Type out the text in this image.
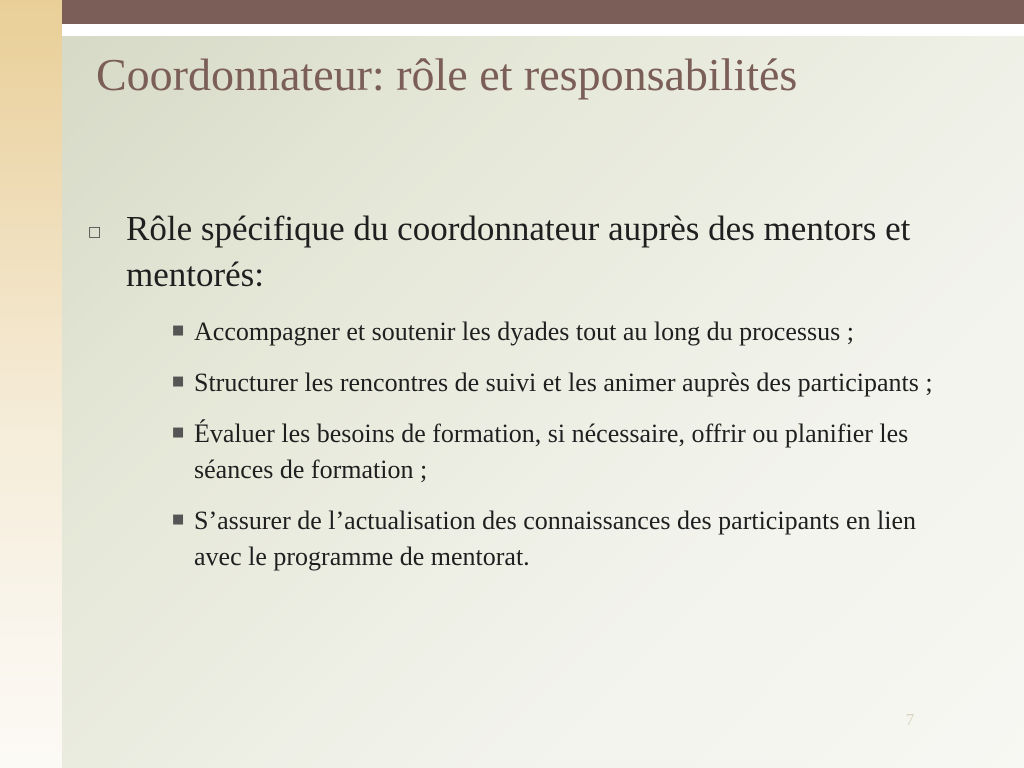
Coordonnateur: rôle et responsabilités
□ Rôle spécifique du coordonnateur auprès des mentors et mentorés:
■ Accompagner et soutenir les dyades tout au long du processus ;
■ Structurer les rencontres de suivi et les animer auprès des participants ;
■ Évaluer les besoins de formation, si nécessaire, offrir ou planifier les séances de formation ;
■ S’assurer de l’actualisation des connaissances des participants en lien avec le programme de mentorat.
7
